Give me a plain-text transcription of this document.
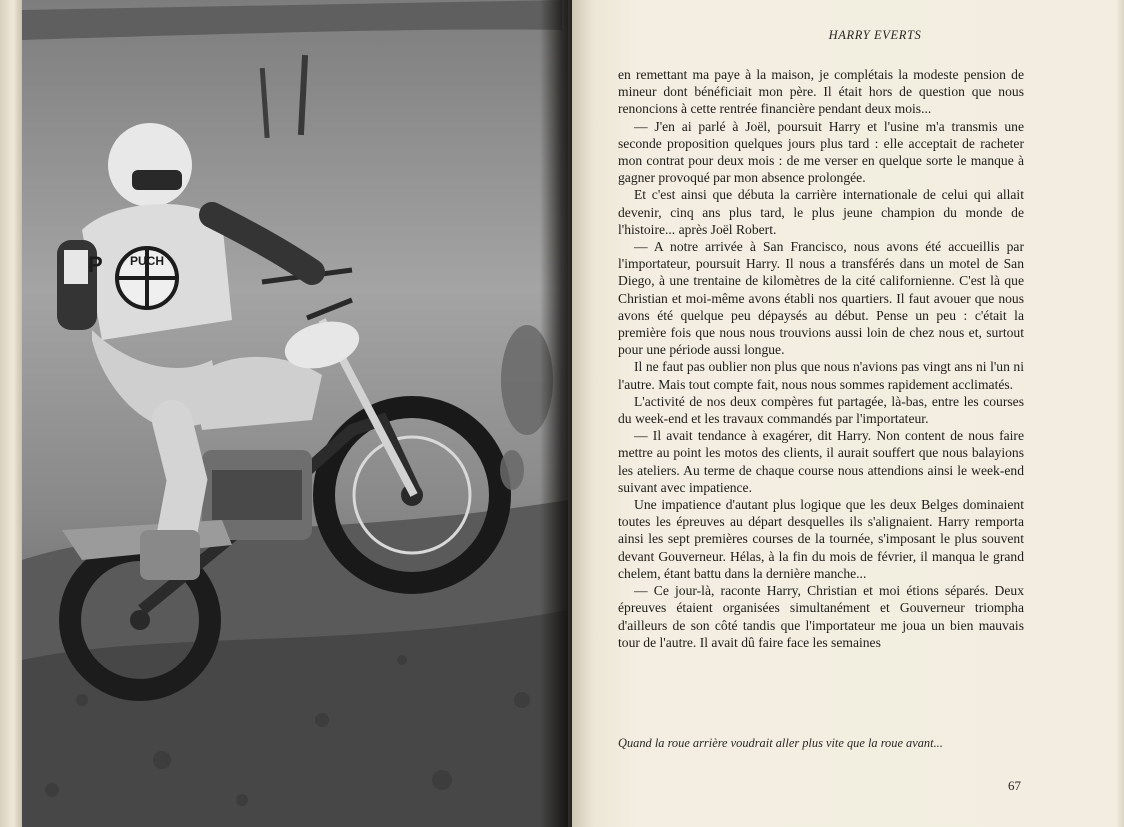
P PUCH
HARRY EVERTS

en remettant ma paye à la maison, je complétais la modeste pension de mineur dont bénéficiait mon père. Il était hors de question que nous renoncions à cette rentrée financière pendant deux mois...

— J'en ai parlé à Joël, poursuit Harry et l'usine m'a transmis une seconde proposition quelques jours plus tard : elle acceptait de racheter mon contrat pour deux mois : de me verser en quelque sorte le manque à gagner provoqué par mon absence prolongée.

Et c'est ainsi que débuta la carrière internationale de celui qui allait devenir, cinq ans plus tard, le plus jeune champion du monde de l'histoire... après Joël Robert.

— A notre arrivée à San Francisco, nous avons été accueillis par l'importateur, poursuit Harry. Il nous a transférés dans un motel de San Diego, à une trentaine de kilomètres de la cité californienne. C'est là que Christian et moi-même avons établi nos quartiers. Il faut avouer que nous avons été quelque peu dépaysés au début. Pense un peu : c'était la première fois que nous nous trouvions aussi loin de chez nous et, surtout pour une période aussi longue.

Il ne faut pas oublier non plus que nous n'avions pas vingt ans ni l'un ni l'autre. Mais tout compte fait, nous nous sommes rapidement acclimatés.

L'activité de nos deux compères fut partagée, là-bas, entre les courses du week-end et les travaux commandés par l'importateur.

— Il avait tendance à exagérer, dit Harry. Non content de nous faire mettre au point les motos des clients, il aurait souffert que nous balayions les ateliers. Au terme de chaque course nous attendions ainsi le week-end suivant avec impatience.

Une impatience d'autant plus logique que les deux Belges dominaient toutes les épreuves au départ desquelles ils s'alignaient. Harry remporta ainsi les sept premières courses de la tournée, s'imposant le plus souvent devant Gouverneur. Hélas, à la fin du mois de février, il manqua le grand chelem, étant battu dans la dernière manche...

— Ce jour-là, raconte Harry, Christian et moi étions séparés. Deux épreuves étaient organisées simultanément et Gouverneur triompha d'ailleurs de son côté tandis que l'importateur me joua un bien mauvais tour de l'autre. Il avait dû faire face les semaines

Quand la roue arrière voudrait aller plus vite que la roue avant...
67
